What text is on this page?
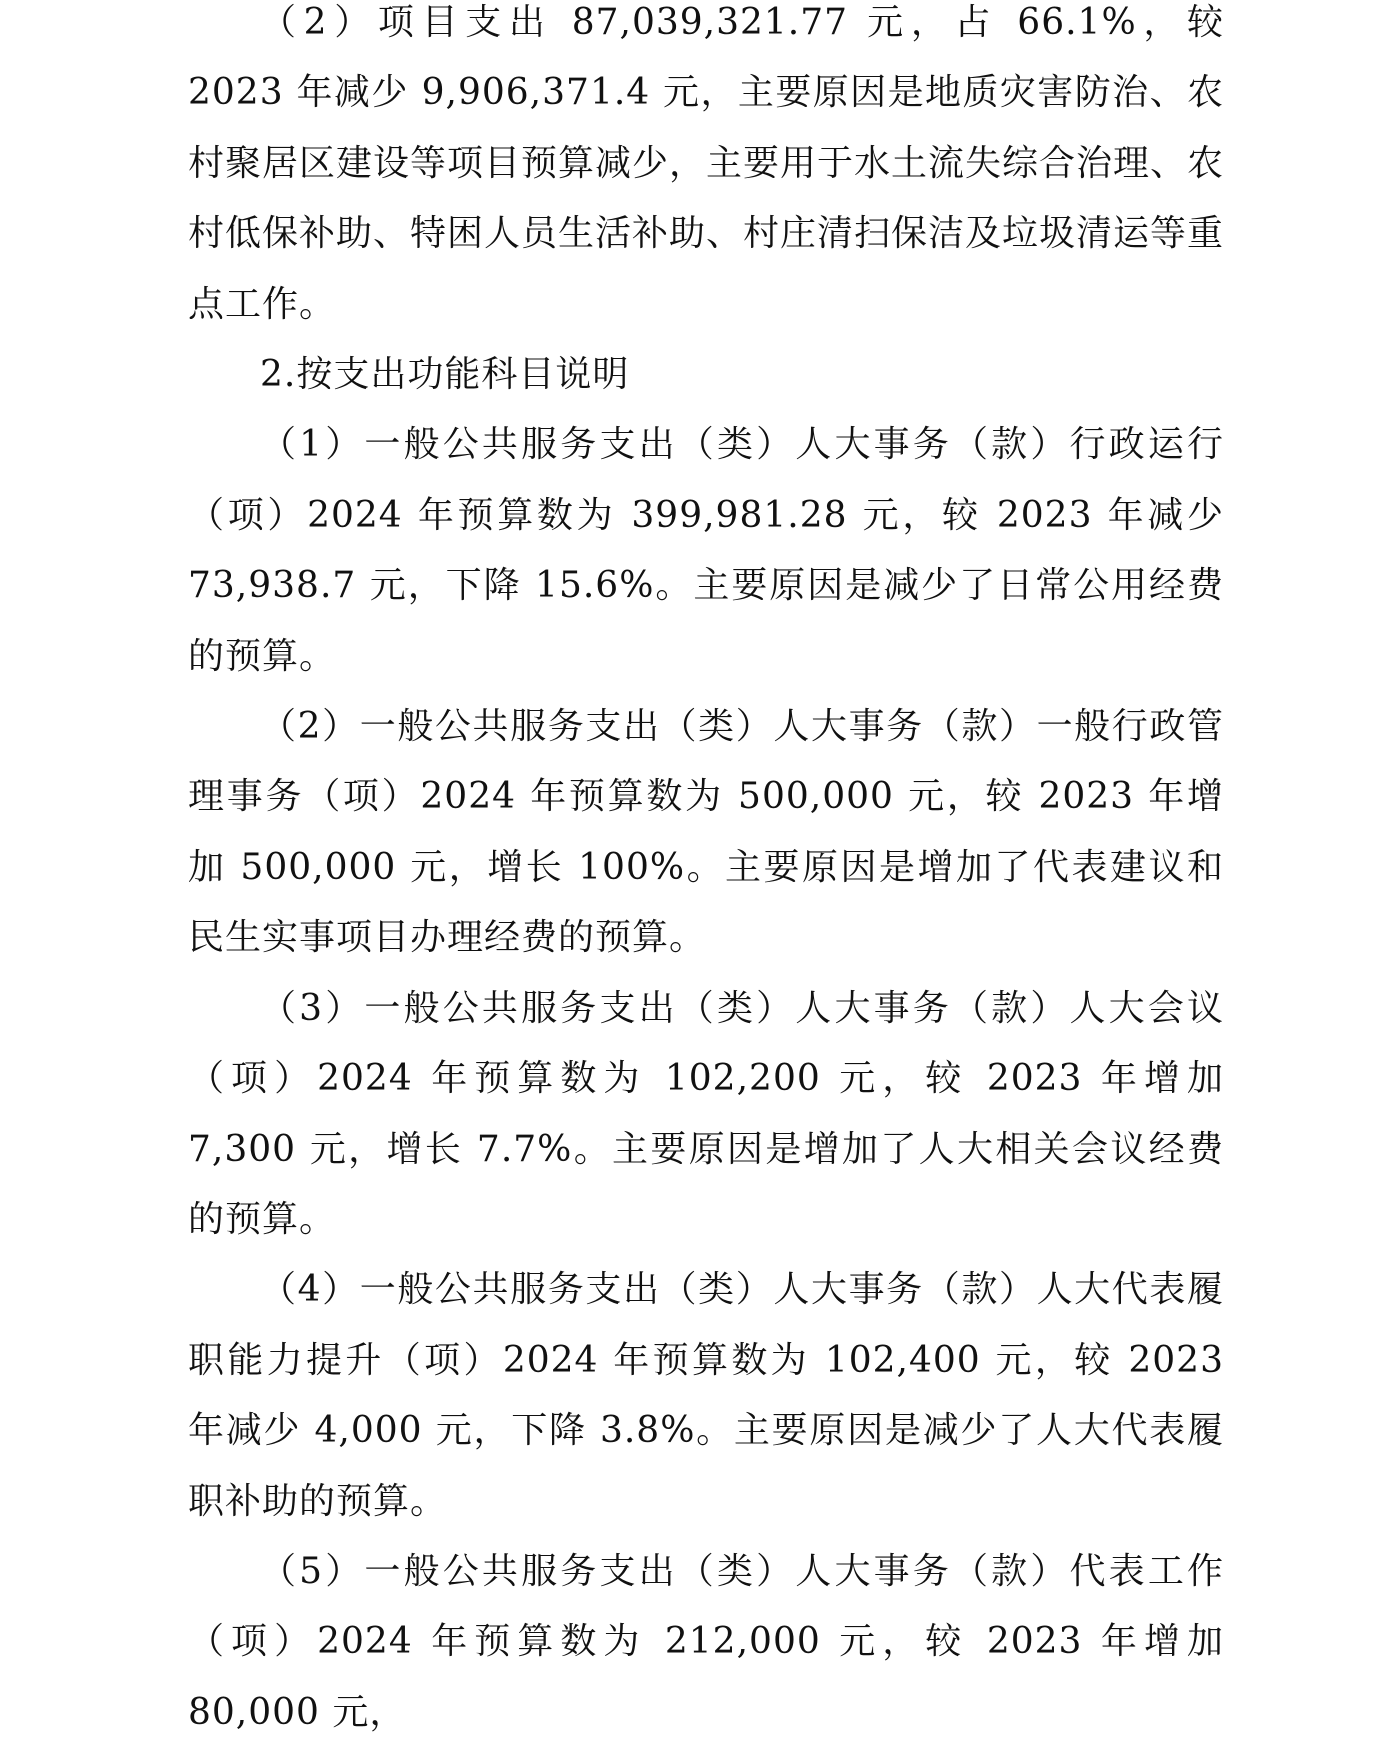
（2）项目支出 87,039,321.77 元，占 66.1%，较 2023 年减少 9,906,371.4 元，主要原因是地质灾害防治、农村聚居区建设等项目预算减少，主要用于水土流失综合治理、农村低保补助、特困人员生活补助、村庄清扫保洁及垃圾清运等重点工作。

2.按支出功能科目说明

（1）一般公共服务支出（类）人大事务（款）行政运行（项）2024 年预算数为 399,981.28 元，较 2023 年减少 73,938.7 元，下降 15.6%。主要原因是减少了日常公用经费的预算。

（2）一般公共服务支出（类）人大事务（款）一般行政管理事务（项）2024 年预算数为 500,000 元，较 2023 年增加 500,000 元，增长 100%。主要原因是增加了代表建议和民生实事项目办理经费的预算。

（3）一般公共服务支出（类）人大事务（款）人大会议（项）2024 年预算数为 102,200 元，较 2023 年增加 7,300 元，增长 7.7%。主要原因是增加了人大相关会议经费的预算。

（4）一般公共服务支出（类）人大事务（款）人大代表履职能力提升（项）2024 年预算数为 102,400 元，较 2023 年减少 4,000 元，下降 3.8%。主要原因是减少了人大代表履职补助的预算。

（5）一般公共服务支出（类）人大事务（款）代表工作（项）2024 年预算数为 212,000 元，较 2023 年增加 80,000 元，
